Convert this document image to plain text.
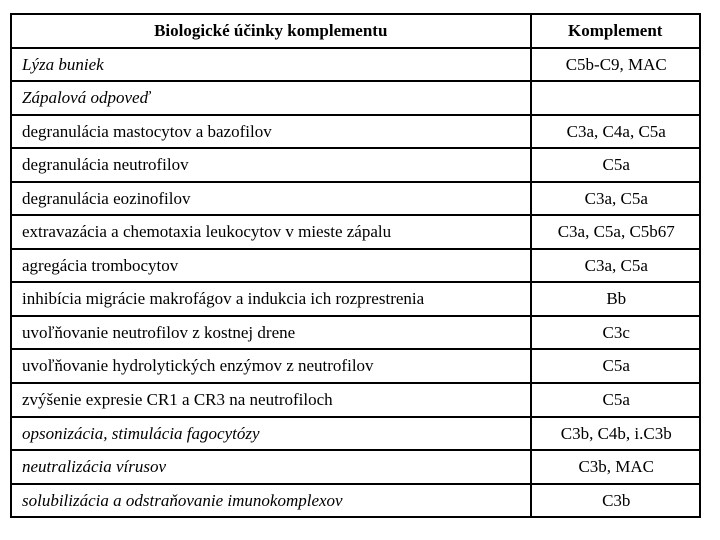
Biologické účinky komplementu	Komplement
Lýza buniek	C5b-C9, MAC
Zápalová odpoveď	
degranulácia mastocytov a bazofilov	C3a, C4a, C5a
degranulácia neutrofilov	C5a
degranulácia eozinofilov	C3a, C5a
extravazácia a chemotaxia leukocytov v mieste zápalu	C3a, C5a, C5b67
agregácia trombocytov	C3a, C5a
inhibícia migrácie makrofágov a indukcia ich rozprestrenia	Bb
uvoľňovanie neutrofilov z kostnej drene	C3c
uvoľňovanie hydrolytických enzýmov z neutrofilov	C5a
zvýšenie expresie CR1 a CR3 na neutrofiloch	C5a
opsonizácia, stimulácia fagocytózy	C3b, C4b, i.C3b
neutralizácia vírusov	C3b, MAC
solubilizácia a odstraňovanie imunokomplexov	C3b
